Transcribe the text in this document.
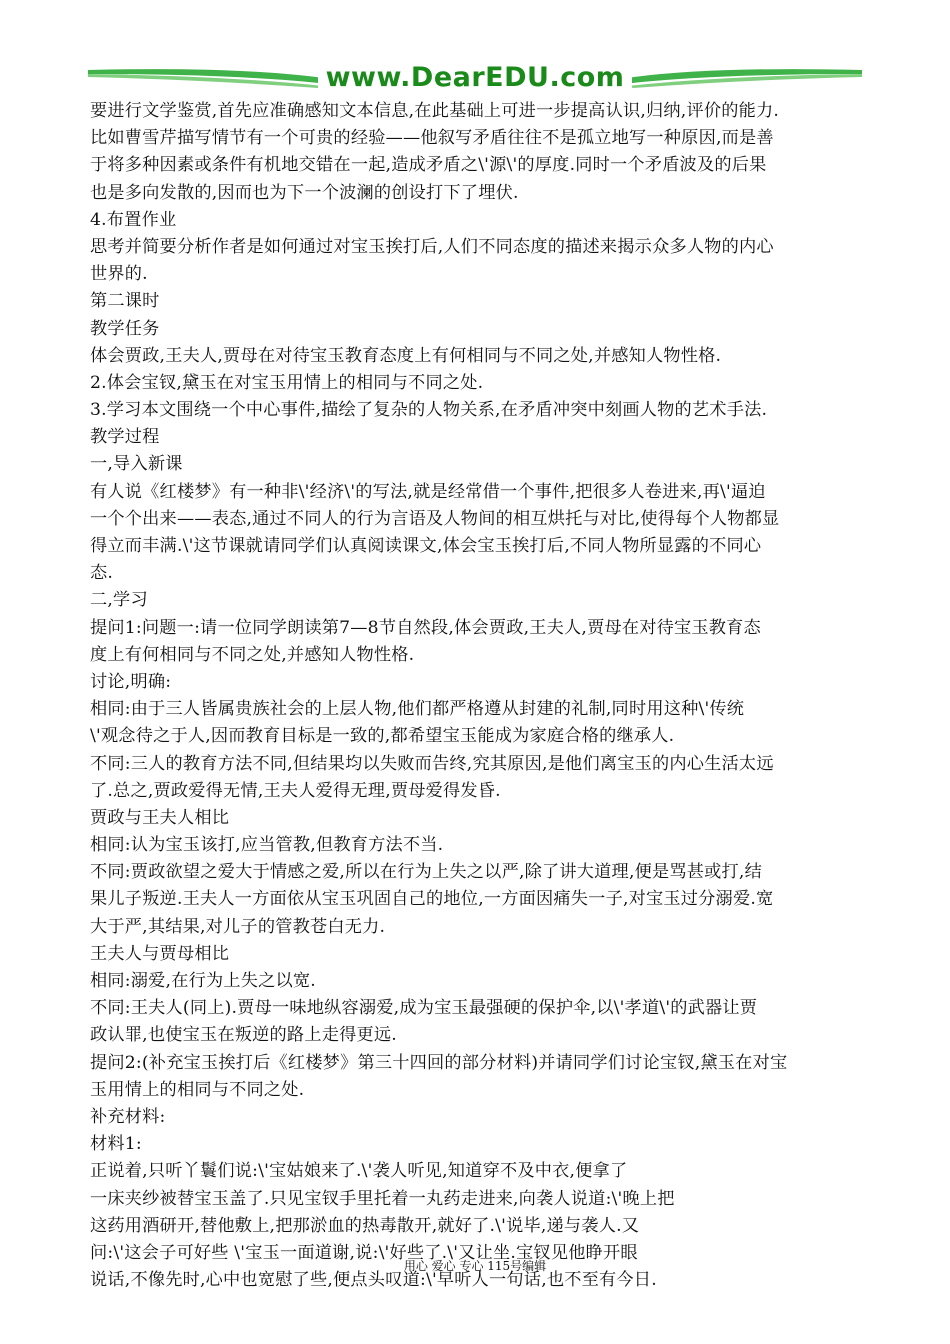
www.DearEDU.com
要进行文学鉴赏,首先应准确感知文本信息,在此基础上可进一步提高认识,归纳,评价的能力.
比如曹雪芹描写情节有一个可贵的经验——他叙写矛盾往往不是孤立地写一种原因,而是善
于将多种因素或条件有机地交错在一起,造成矛盾之\'源\'的厚度.同时一个矛盾波及的后果
也是多向发散的,因而也为下一个波澜的创设打下了埋伏.
4.布置作业
思考并简要分析作者是如何通过对宝玉挨打后,人们不同态度的描述来揭示众多人物的内心
世界的.
第二课时
教学任务
体会贾政,王夫人,贾母在对待宝玉教育态度上有何相同与不同之处,并感知人物性格.
2.体会宝钗,黛玉在对宝玉用情上的相同与不同之处.
3.学习本文围绕一个中心事件,描绘了复杂的人物关系,在矛盾冲突中刻画人物的艺术手法.
教学过程
一,导入新课
有人说《红楼梦》有一种非\'经济\'的写法,就是经常借一个事件,把很多人卷进来,再\'逼迫
一个个出来——表态,通过不同人的行为言语及人物间的相互烘托与对比,使得每个人物都显
得立而丰满.\'这节课就请同学们认真阅读课文,体会宝玉挨打后,不同人物所显露的不同心
态.
二,学习
提问1:问题一:请一位同学朗读第7—8节自然段,体会贾政,王夫人,贾母在对待宝玉教育态
度上有何相同与不同之处,并感知人物性格.
讨论,明确:
相同:由于三人皆属贵族社会的上层人物,他们都严格遵从封建的礼制,同时用这种\'传统
\'观念待之于人,因而教育目标是一致的,都希望宝玉能成为家庭合格的继承人.
不同:三人的教育方法不同,但结果均以失败而告终,究其原因,是他们离宝玉的内心生活太远
了.总之,贾政爱得无情,王夫人爱得无理,贾母爱得发昏.
贾政与王夫人相比
相同:认为宝玉该打,应当管教,但教育方法不当.
不同:贾政欲望之爱大于情感之爱,所以在行为上失之以严,除了讲大道理,便是骂甚或打,结
果儿子叛逆.王夫人一方面依从宝玉巩固自己的地位,一方面因痛失一子,对宝玉过分溺爱.宽
大于严,其结果,对儿子的管教苍白无力.
王夫人与贾母相比
相同:溺爱,在行为上失之以宽.
不同:王夫人(同上).贾母一味地纵容溺爱,成为宝玉最强硬的保护伞,以\'孝道\'的武器让贾
政认罪,也使宝玉在叛逆的路上走得更远.
提问2:(补充宝玉挨打后《红楼梦》第三十四回的部分材料)并请同学们讨论宝钗,黛玉在对宝
玉用情上的相同与不同之处.
补充材料:
材料1:
正说着,只听丫鬟们说:\'宝姑娘来了.\'袭人听见,知道穿不及中衣,便拿了
一床夹纱被替宝玉盖了.只见宝钗手里托着一丸药走进来,向袭人说道:\'晚上把
这药用酒研开,替他敷上,把那淤血的热毒散开,就好了.\'说毕,递与袭人.又
问:\'这会子可好些 \'宝玉一面道谢,说:\'好些了.\'又让坐.宝钗见他睁开眼
说话,不像先时,心中也宽慰了些,便点头叹道:\'早听人一句话,也不至有今日.
用心 爱心 专心 115号编辑
